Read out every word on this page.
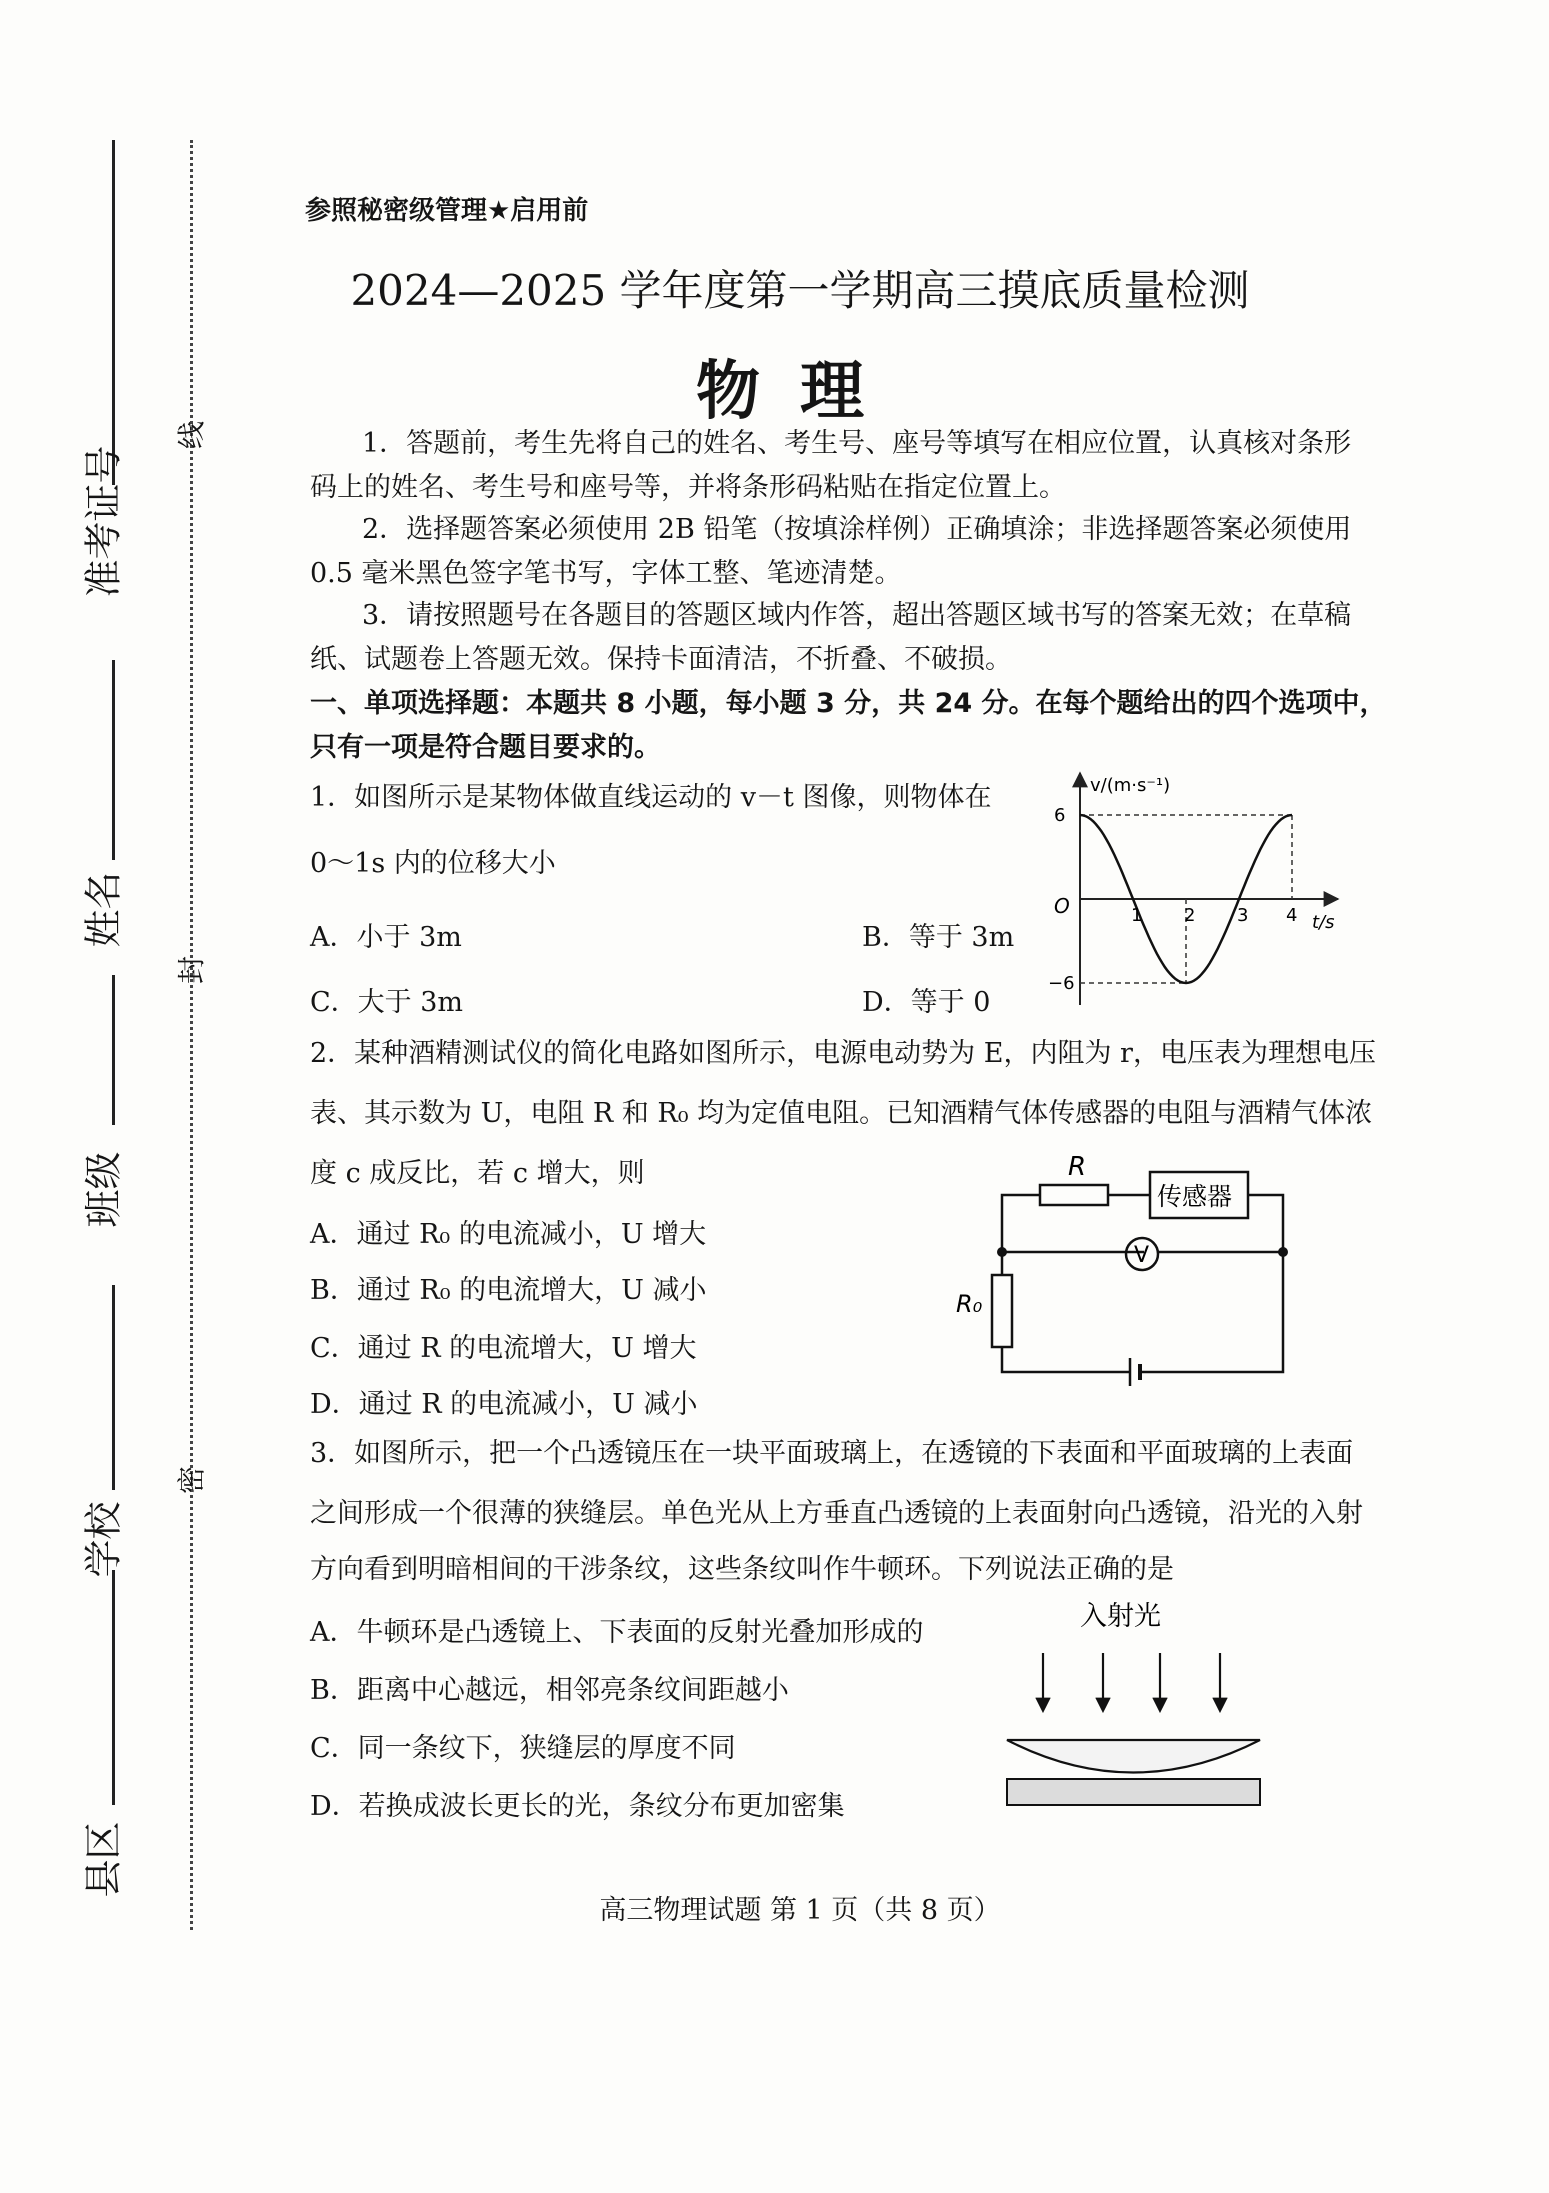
准考证号
姓名
班级
学校
县区
线
封
密
参照秘密级管理★启用前
2024—2025 学年度第一学期高三摸底质量检测
物理
1．答题前，考生先将自己的姓名、考生号、座号等填写在相应位置，认真核对条形
码上的姓名、考生号和座号等，并将条形码粘贴在指定位置上。
2．选择题答案必须使用 2B 铅笔（按填涂样例）正确填涂；非选择题答案必须使用
0.5 毫米黑色签字笔书写，字体工整、笔迹清楚。
3．请按照题号在各题目的答题区域内作答，超出答题区域书写的答案无效；在草稿
纸、试题卷上答题无效。保持卡面清洁，不折叠、不破损。
一、单项选择题：本题共 8 小题，每小题 3 分，共 24 分。在每个题给出的四个选项中，
只有一项是符合题目要求的。
1．如图所示是某物体做直线运动的 v－t 图像，则物体在
0～1s 内的位移大小
A．小于 3m	B．等于 3m
C．大于 3m	D．等于 0
v/(m·s⁻¹)
t/s
O
6
−6
1 2 3 4
2．某种酒精测试仪的简化电路如图所示，电源电动势为 E，内阻为 r，电压表为理想电压
表、其示数为 U，电阻 R 和 R₀ 均为定值电阻。已知酒精气体传感器的电阻与酒精气体浓
度 c 成反比，若 c 增大，则
A．通过 R₀ 的电流减小，U 增大
B．通过 R₀ 的电流增大，U 减小
C．通过 R 的电流增大，U 增大
D．通过 R 的电流减小，U 减小
R
传感器
V
R₀
3．如图所示，把一个凸透镜压在一块平面玻璃上，在透镜的下表面和平面玻璃的上表面
之间形成一个很薄的狭缝层。单色光从上方垂直凸透镜的上表面射向凸透镜，沿光的入射
方向看到明暗相间的干涉条纹，这些条纹叫作牛顿环。下列说法正确的是
A．牛顿环是凸透镜上、下表面的反射光叠加形成的
B．距离中心越远，相邻亮条纹间距越小
C．同一条纹下，狭缝层的厚度不同
D．若换成波长更长的光，条纹分布更加密集
入射光
高三物理试题 第 1 页（共 8 页）
